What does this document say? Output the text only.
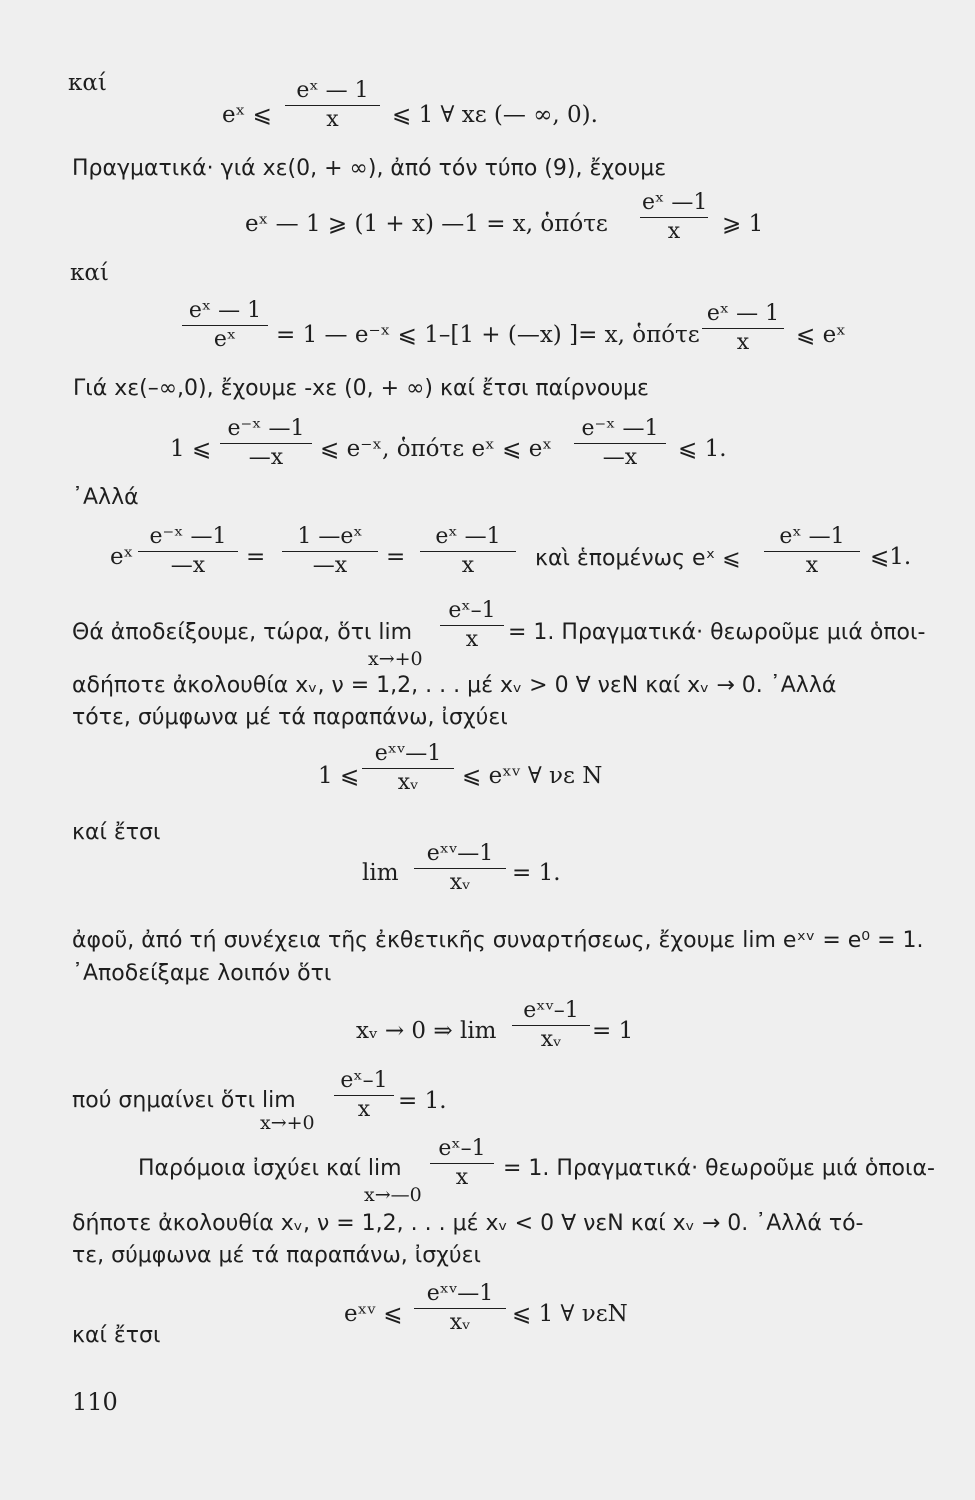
καί
eˣ ⩽
eˣ — 1
x	⩽ 1 ∀ xε (— ∞, 0).
Πραγματικά· γιά xε(0, + ∞), ἀπό τόν τύπο (9), ἔχουμε
eˣ — 1 ⩾ (1 + x) —1 = x, ὁπότε
eˣ —1
x	⩾ 1
καί
eˣ — 1
eˣ	= 1 — e⁻ˣ ⩽ 1–[1 + (—x) ]= x, ὁπότε
eˣ — 1
x	⩽ eˣ
Γιά xε(–∞,0), ἔχουμε -xε (0, + ∞) καί ἔτσι παίρνουμε
1 ⩽
e⁻ˣ —1
—x	⩽ e⁻ˣ, ὁπότε eˣ ⩽ eˣ
e⁻ˣ —1
—x	⩽ 1.
᾿Αλλά
eˣ
e⁻ˣ —1
—x	=
1 —eˣ
—x	=
eˣ —1
x	καὶ ἑπομένως eˣ ⩽
eˣ —1
x	⩽1.
Θά ἀποδείξουμε, τώρα, ὅτι lim
x→+0
eˣ–1
x	= 1. Πραγματικά· θεωροῦμε μιά ὁποι-
αδήποτε ἀκολουθία xᵥ, ν = 1,2, . . . μέ xᵥ > 0 ∀ νεN καί xᵥ → 0. ᾿Αλλά
τότε, σύμφωνα μέ τά παραπάνω, ἰσχύει
1 ⩽
eˣᵛ—1
xᵥ	⩽ eˣᵛ ∀ νε N
καί ἔτσι
lim
eˣᵛ—1
xᵥ	= 1.
ἀφοῦ, ἀπό τή συνέχεια τῆς ἐκθετικῆς συναρτήσεως, ἔχουμε lim eˣᵛ = e⁰ = 1.
᾿Αποδείξαμε λοιπόν ὅτι
xᵥ → 0 ⇒ lim
eˣᵛ–1
xᵥ	= 1
πού σημαίνει ὅτι lim
x→+0
eˣ–1
x	= 1.
Παρόμοια ἰσχύει καί lim
x→—0
eˣ–1
x	= 1. Πραγματικά· θεωροῦμε μιά ὁποια-
δήποτε ἀκολουθία xᵥ, ν = 1,2, . . . μέ xᵥ < 0 ∀ νεN καί xᵥ → 0. ᾿Αλλά τό-
τε, σύμφωνα μέ τά παραπάνω, ἰσχύει
eˣᵛ ⩽
eˣᵛ—1
xᵥ	⩽ 1 ∀ νεN
καί ἔτσι
110
